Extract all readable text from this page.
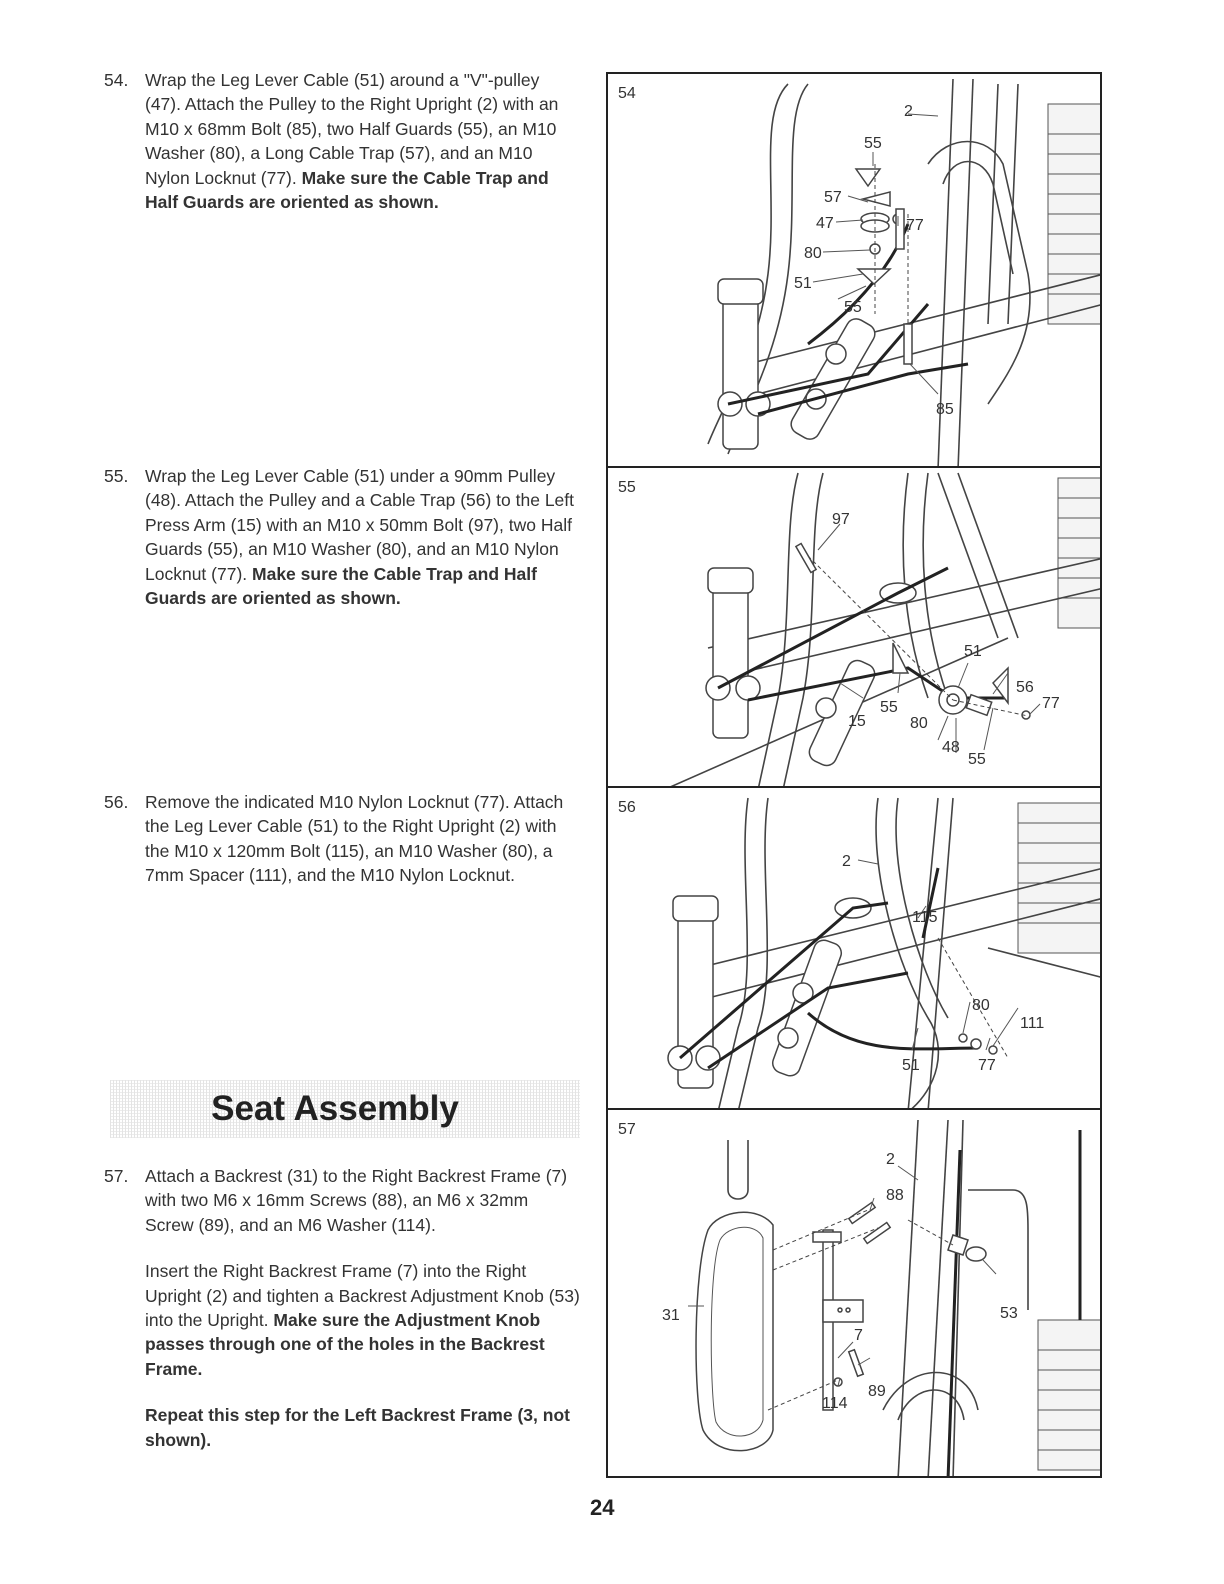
54. Wrap the Leg Lever Cable (51) around a "V"-pulley (47). Attach the Pulley to the Right Upright (2) with an M10 x 68mm Bolt (85), two Half Guards (55), an M10 Washer (80), a Long Cable Trap (57), and an M10 Nylon Locknut (77). Make sure the Cable Trap and Half Guards are oriented as shown.

55. Wrap the Leg Lever Cable (51) under a 90mm Pulley (48). Attach the Pulley and a Cable Trap (56) to the Left Press Arm (15) with an M10 x 50mm Bolt (97), two Half Guards (55), an M10 Washer (80), and an M10 Nylon Locknut (77). Make sure the Cable Trap and Half Guards are oriented as shown.

56. Remove the indicated M10 Nylon Locknut (77). Attach the Leg Lever Cable (51) to the Right Upright (2) with the M10 x 120mm Bolt (115), an M10 Washer (80), a 7mm Spacer (111), and the M10 Nylon Locknut.

Seat Assembly
57. Attach a Backrest (31) to the Right Backrest Frame (7) with two M6 x 16mm Screws (88), an M6 x 32mm Screw (89), and an M6 Washer (114).

Insert the Right Backrest Frame (7) into the Right Upright (2) and tighten a Backrest Adjustment Knob (53) into the Upright. Make sure the Adjustment Knob passes through one of the holes in the Backrest Frame.

Repeat this step for the Left Backrest Frame (3, not shown).

54
2
55
57
47	77
80
51
55
85
55
97
51
56
55
15	80
48
77
55
56
2
115
80
111
51	77
57
2
88
31	53
7
89
114
24
